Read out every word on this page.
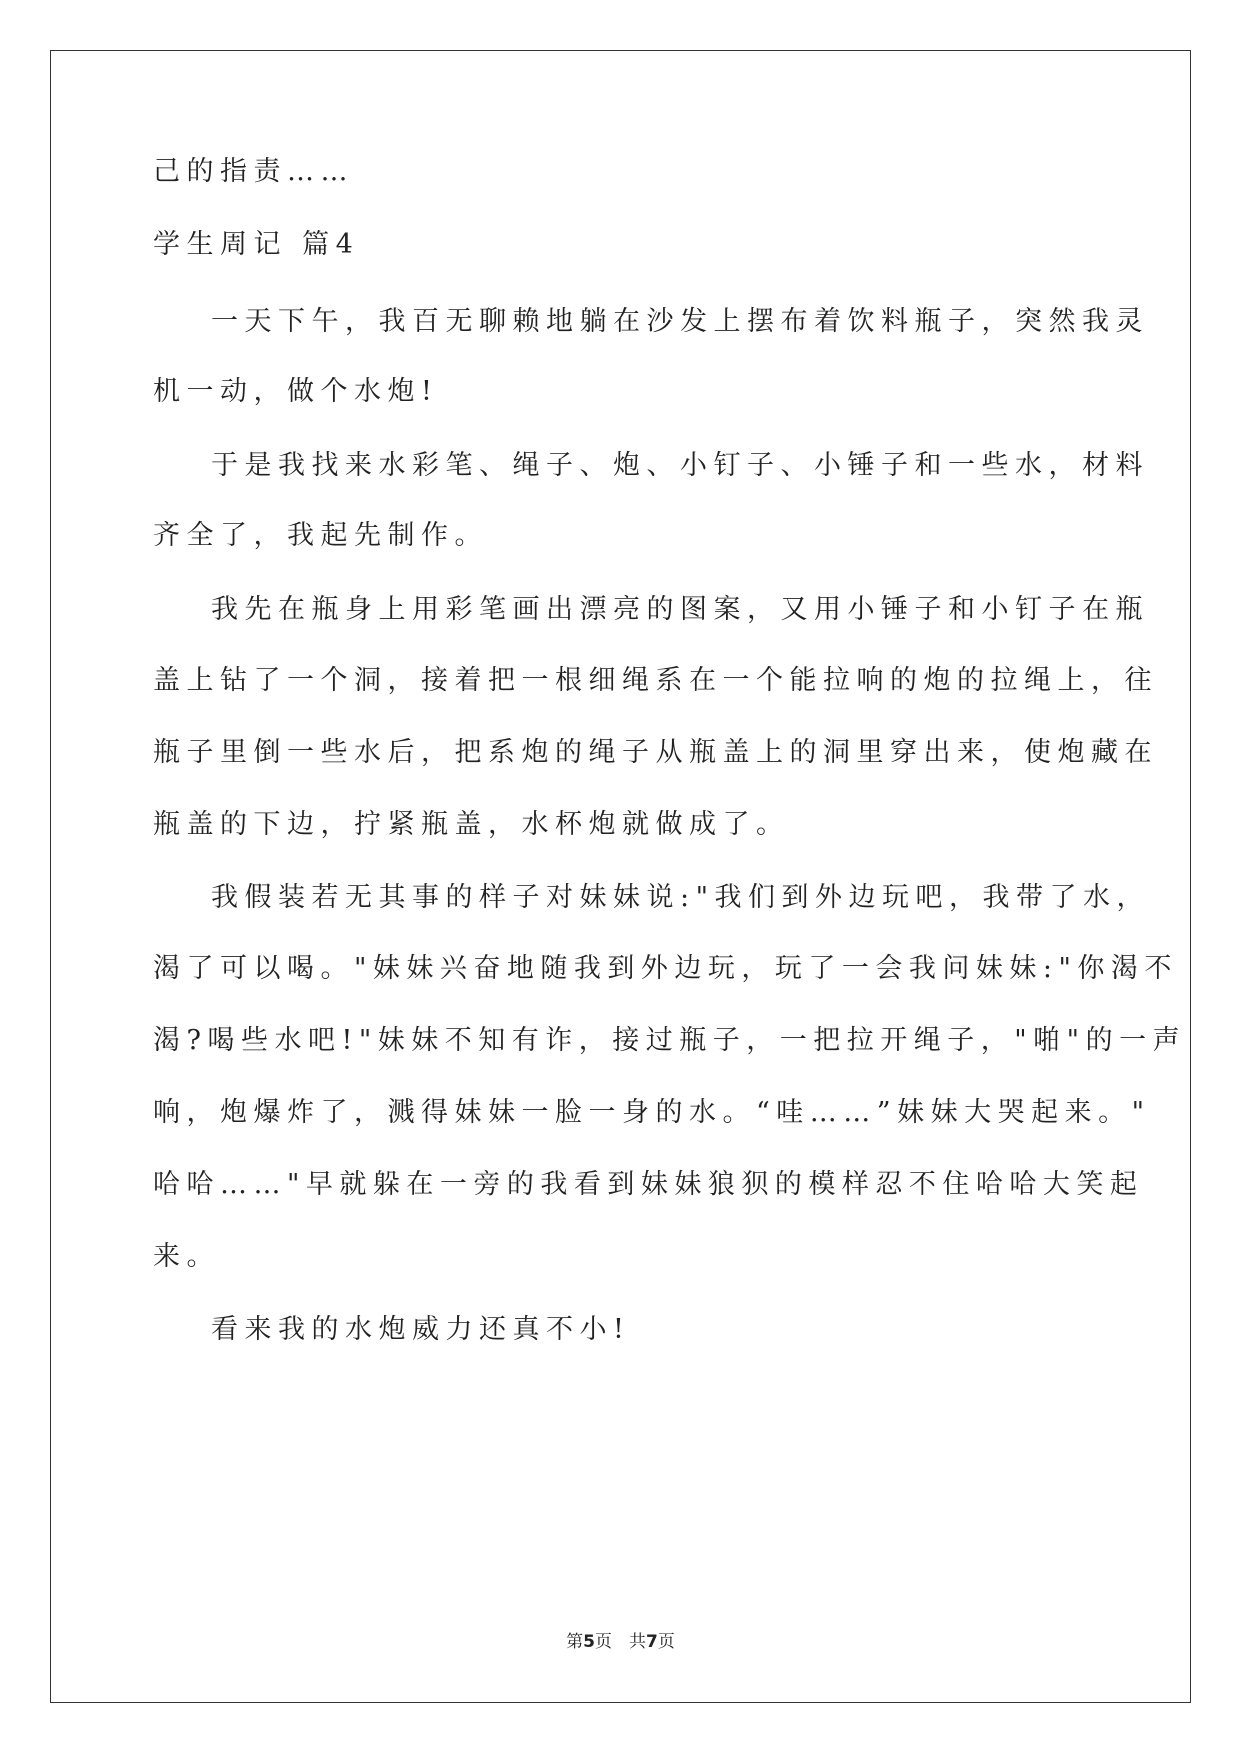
己的指责……
学生周记 篇4
一天下午，我百无聊赖地躺在沙发上摆布着饮料瓶子，突然我灵
机一动，做个水炮!
于是我找来水彩笔、绳子、炮、小钉子、小锤子和一些水，材料
齐全了，我起先制作。
我先在瓶身上用彩笔画出漂亮的图案，又用小锤子和小钉子在瓶
盖上钻了一个洞，接着把一根细绳系在一个能拉响的炮的拉绳上，往
瓶子里倒一些水后，把系炮的绳子从瓶盖上的洞里穿出来，使炮藏在
瓶盖的下边，拧紧瓶盖，水杯炮就做成了。
我假装若无其事的样子对妹妹说:"我们到外边玩吧，我带了水，
渴了可以喝。"妹妹兴奋地随我到外边玩，玩了一会我问妹妹:"你渴不
渴?喝些水吧!"妹妹不知有诈，接过瓶子，一把拉开绳子，"啪"的一声
响，炮爆炸了，溅得妹妹一脸一身的水。“哇……”妹妹大哭起来。"
哈哈……"早就躲在一旁的我看到妹妹狼狈的模样忍不住哈哈大笑起
来。
看来我的水炮威力还真不小!
第5页　共7页
